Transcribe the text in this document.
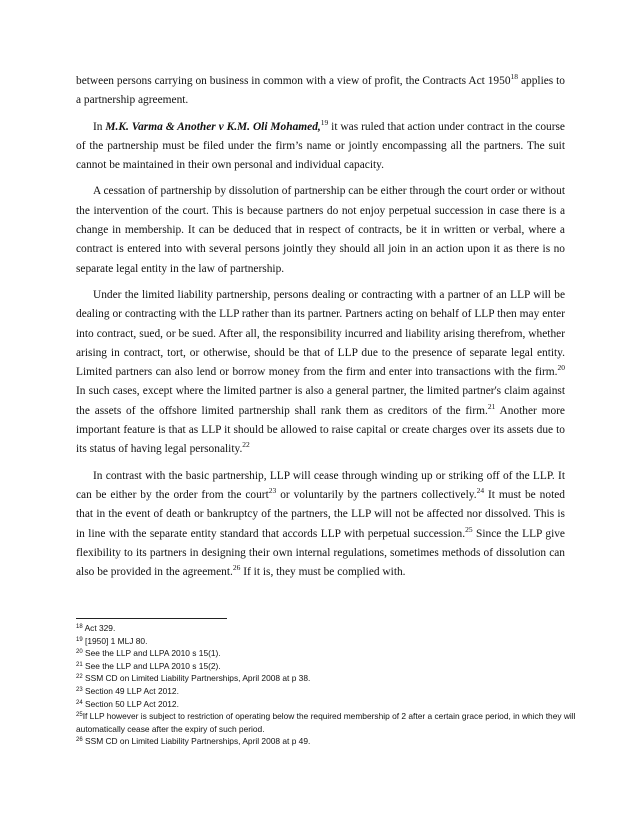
between persons carrying on business in common with a view of profit, the Contracts Act 1950$^{18}$ applies to a partnership agreement.

In M.K. Varma & Another v K.M. Oli Mohamed,$^{19}$ it was ruled that action under contract in the course of the partnership must be filed under the firm’s name or jointly encompassing all the partners. The suit cannot be maintained in their own personal and individual capacity.

A cessation of partnership by dissolution of partnership can be either through the court order or without the intervention of the court. This is because partners do not enjoy perpetual succession in case there is a change in membership. It can be deduced that in respect of contracts, be it in written or verbal, where a contract is entered into with several persons jointly they should all join in an action upon it as there is no separate legal entity in the law of partnership.

Under the limited liability partnership, persons dealing or contracting with a partner of an LLP will be dealing or contracting with the LLP rather than its partner. Partners acting on behalf of LLP then may enter into contract, sued, or be sued. After all, the responsibility incurred and liability arising therefrom, whether arising in contract, tort, or otherwise, should be that of LLP due to the presence of separate legal entity. Limited partners can also lend or borrow money from the firm and enter into transactions with the firm.$^{20}$ In such cases, except where the limited partner is also a general partner, the limited partner's claim against the assets of the offshore limited partnership shall rank them as creditors of the firm.$^{21}$ Another more important feature is that as LLP it should be allowed to raise capital or create charges over its assets due to its status of having legal personality.$^{22}$

In contrast with the basic partnership, LLP will cease through winding up or striking off of the LLP. It can be either by the order from the court$^{23}$ or voluntarily by the partners collectively.$^{24}$ It must be noted that in the event of death or bankruptcy of the partners, the LLP will not be affected nor dissolved. This is in line with the separate entity standard that accords LLP with perpetual succession.$^{25}$ Since the LLP give flexibility to its partners in designing their own internal regulations, sometimes methods of dissolution can also be provided in the agreement.$^{26}$ If it is, they must be complied with.

$^{18}$ Act 329.

$^{19}$ [1950] 1 MLJ 80.

$^{20}$ See the LLP and LLPA 2010 s 15(1).

$^{21}$ See the LLP and LLPA 2010 s 15(2).

$^{22}$ SSM CD on Limited Liability Partnerships, April 2008 at p 38.

$^{23}$ Section 49 LLP Act 2012.

$^{24}$ Section 50 LLP Act 2012.

$^{25}$If LLP however is subject to restriction of operating below the required membership of 2 after a certain grace period, in which they will automatically cease after the expiry of such period.

$^{26}$ SSM CD on Limited Liability Partnerships, April 2008 at p 49.
